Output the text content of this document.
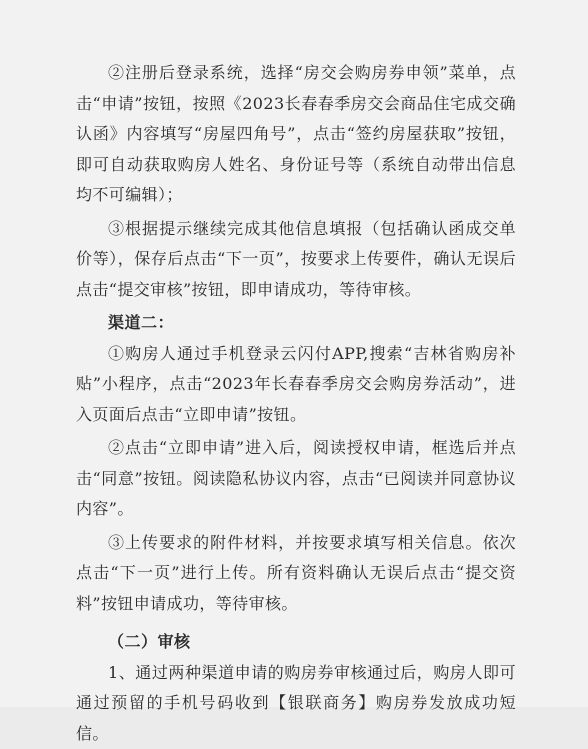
②注册后登录系统，选择“房交会购房券申领”菜单，点击“申请”按钮，按照《2023长春春季房交会商品住宅成交确认函》内容填写“房屋四角号”，点击“签约房屋获取”按钮，即可自动获取购房人姓名、身份证号等（系统自动带出信息均不可编辑）；

③根据提示继续完成其他信息填报（包括确认函成交单价等），保存后点击“下一页”，按要求上传要件，确认无误后点击“提交审核”按钮，即申请成功，等待审核。

渠道二：

①购房人通过手机登录云闪付APP,搜索“吉林省购房补贴”小程序，点击“2023年长春春季房交会购房券活动”，进入页面后点击“立即申请”按钮。

②点击“立即申请”进入后，阅读授权申请，框选后并点击“同意”按钮。阅读隐私协议内容，点击“已阅读并同意协议内容”。

③上传要求的附件材料，并按要求填写相关信息。依次点击“下一页”进行上传。所有资料确认无误后点击“提交资料”按钮申请成功，等待审核。

（二）审核

1、通过两种渠道申请的购房券审核通过后，购房人即可通过预留的手机号码收到【银联商务】购房券发放成功短信。
